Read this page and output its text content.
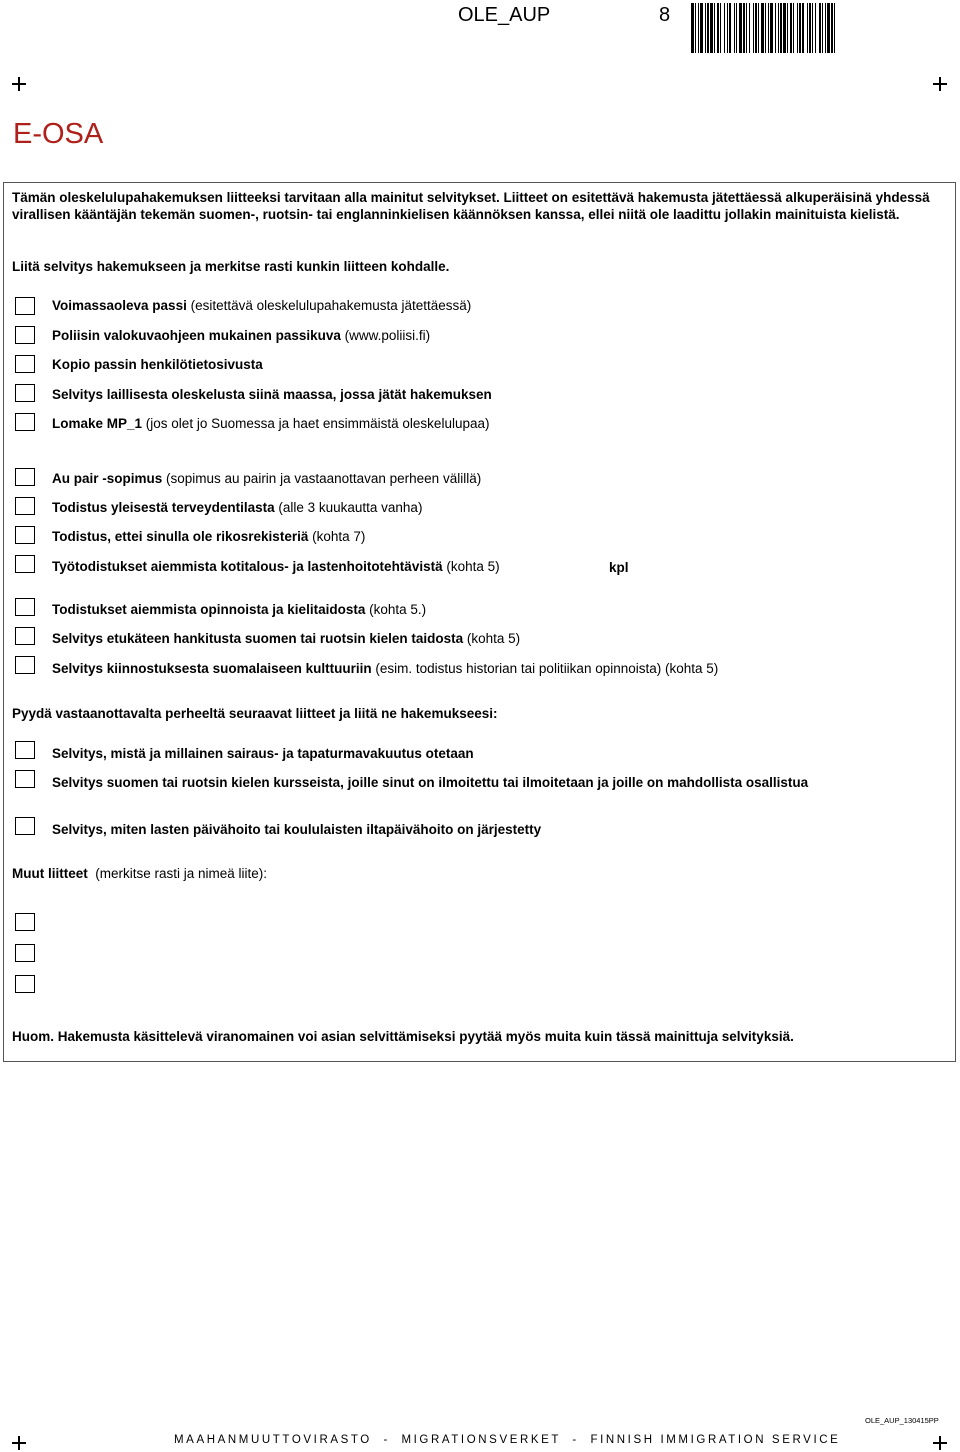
OLE_AUP	8
E-OSA
Tämän oleskelulupahakemuksen liitteeksi tarvitaan alla mainitut selvitykset. Liitteet on esitettävä hakemusta jätettäessä alkuperäisinä yhdessä virallisen kääntäjän tekemän suomen-, ruotsin- tai englanninkielisen käännöksen kanssa, ellei niitä ole laadittu jollakin mainituista kielistä.
Liitä selvitys hakemukseen ja merkitse rasti kunkin liitteen kohdalle.
Voimassaoleva passi (esitettävä oleskelulupahakemusta jätettäessä)
Poliisin valokuvaohjeen mukainen passikuva (www.poliisi.fi)
Kopio passin henkilötietosivusta
Selvitys laillisesta oleskelusta siinä maassa, jossa jätät hakemuksen
Lomake MP_1 (jos olet jo Suomessa ja haet ensimmäistä oleskelulupaa)
Au pair -sopimus (sopimus au pairin ja vastaanottavan perheen välillä)
Todistus yleisestä terveydentilasta (alle 3 kuukautta vanha)
Todistus, ettei sinulla ole rikosrekisteriä (kohta 7)
Työtodistukset aiemmista kotitalous- ja lastenhoitotehtävistä (kohta 5)	kpl
Todistukset aiemmista opinnoista ja kielitaidosta (kohta 5.)
Selvitys etukäteen hankitusta suomen tai ruotsin kielen taidosta (kohta 5)
Selvitys kiinnostuksesta suomalaiseen kulttuuriin (esim. todistus historian tai politiikan opinnoista) (kohta 5)
Pyydä vastaanottavalta perheeltä seuraavat liitteet ja liitä ne hakemukseesi:
Selvitys, mistä ja millainen sairaus- ja tapaturmavakuutus otetaan
Selvitys suomen tai ruotsin kielen kursseista, joille sinut on ilmoitettu tai ilmoitetaan ja joille on mahdollista osallistua
Selvitys, miten lasten päivähoito tai koululaisten iltapäivähoito on järjestetty
Muut liitteet  (merkitse rasti ja nimeä liite):
Huom. Hakemusta käsittelevä viranomainen voi asian selvittämiseksi pyytää myös muita kuin tässä mainittuja selvityksiä.
OLE_AUP_130415PP
MAAHANMUUTTOVIRASTO  -  MIGRATIONSVERKET  -  FINNISH IMMIGRATION SERVICE
